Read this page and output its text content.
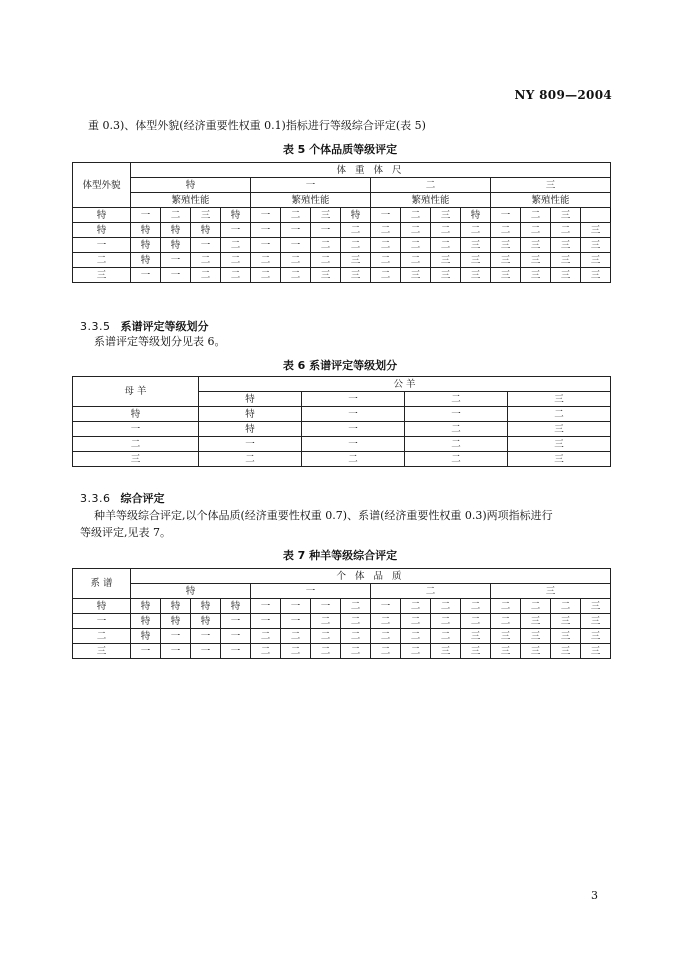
NY 809—2004
重 0.3)、体型外貌(经济重要性权重 0.1)指标进行等级综合评定(表 5)
表 5 个体品质等级评定
体型外貌	体 重 体 尺															
	特				一				二				三			
	繁殖性能				繁殖性能				繁殖性能				繁殖性能			
特	一	二	三	特	一	二	三	特	一	二	三	特	一	二	三	
特	特	特	特	一	一	一	一	二	二	二	二	二	二	二	二	三
一	特	特	一	二	一	一	二	二	二	二	二	三	三	三	三	三
二	特	一	二	二	二	二	二	三	二	二	三	三	三	三	三	三
三	一	一	二	二	二	二	三	三	二	三	三	三	三	三	三	三
3.3.5 系谱评定等级划分
系谱评定等级划分见表 6。
表 6 系谱评定等级划分
母 羊	公 羊			
	特	一	二	三
特	特	一	一	二
一	特	一	二	三
二	一	一	二	三
三	二	二	二	三
3.3.6 综合评定
种羊等级综合评定,以个体品质(经济重要性权重 0.7)、系谱(经济重要性权重 0.3)两项指标进行
等级评定,见表 7。
表 7 种羊等级综合评定
系 谱	个 体 品 质															
	特				一				二				三			
特	特	特	特	特	一	一	一	二	一	二	二	二	二	二	二	三
一	特	特	特	一	一	一	二	二	二	二	二	二	二	三	三	三
二	特	一	一	一	二	二	二	二	二	二	二	三	三	三	三	三
三	一	一	一	一	二	二	二	二	二	二	三	三	三	三	三	三
3
